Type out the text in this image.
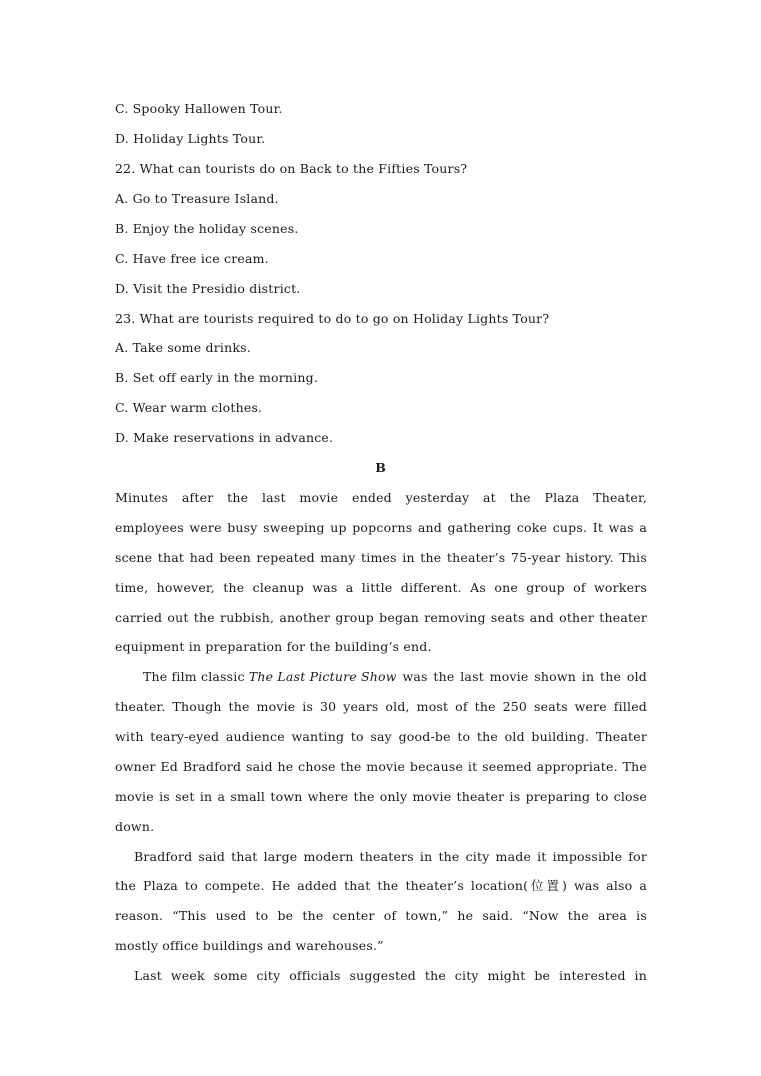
C. Spooky Hallowen Tour.
D. Holiday Lights Tour.
22. What can tourists do on Back to the Fifties Tours?
A. Go to Treasure Island.
B. Enjoy the holiday scenes.
C. Have free ice cream.
D. Visit the Presidio district.
23. What are tourists required to do to go on Holiday Lights Tour?
A. Take some drinks.
B. Set off early in the morning.
C. Wear warm clothes.
D. Make reservations in advance.
B
Minutes after the last movie ended yesterday at the Plaza Theater,
employees were busy sweeping up popcorns and gathering coke cups. It was a
scene that had been repeated many times in the theater’s 75-year history. This
time, however, the cleanup was a little different. As one group of workers
carried out the rubbish, another group began removing seats and other theater
equipment in preparation for the building’s end.
The film classic The Last Picture Show was the last movie shown in the old
theater. Though the movie is 30 years old, most of the 250 seats were filled
with teary-eyed audience wanting to say good-be to the old building. Theater
owner Ed Bradford said he chose the movie because it seemed appropriate. The
movie is set in a small town where the only movie theater is preparing to close
down.
Bradford said that large modern theaters in the city made it impossible for
the Plaza to compete. He added that the theater’s location(位置) was also a
reason. “This used to be the center of town,” he said. “Now the area is
mostly office buildings and warehouses.”
Last week some city officials suggested the city might be interested in
